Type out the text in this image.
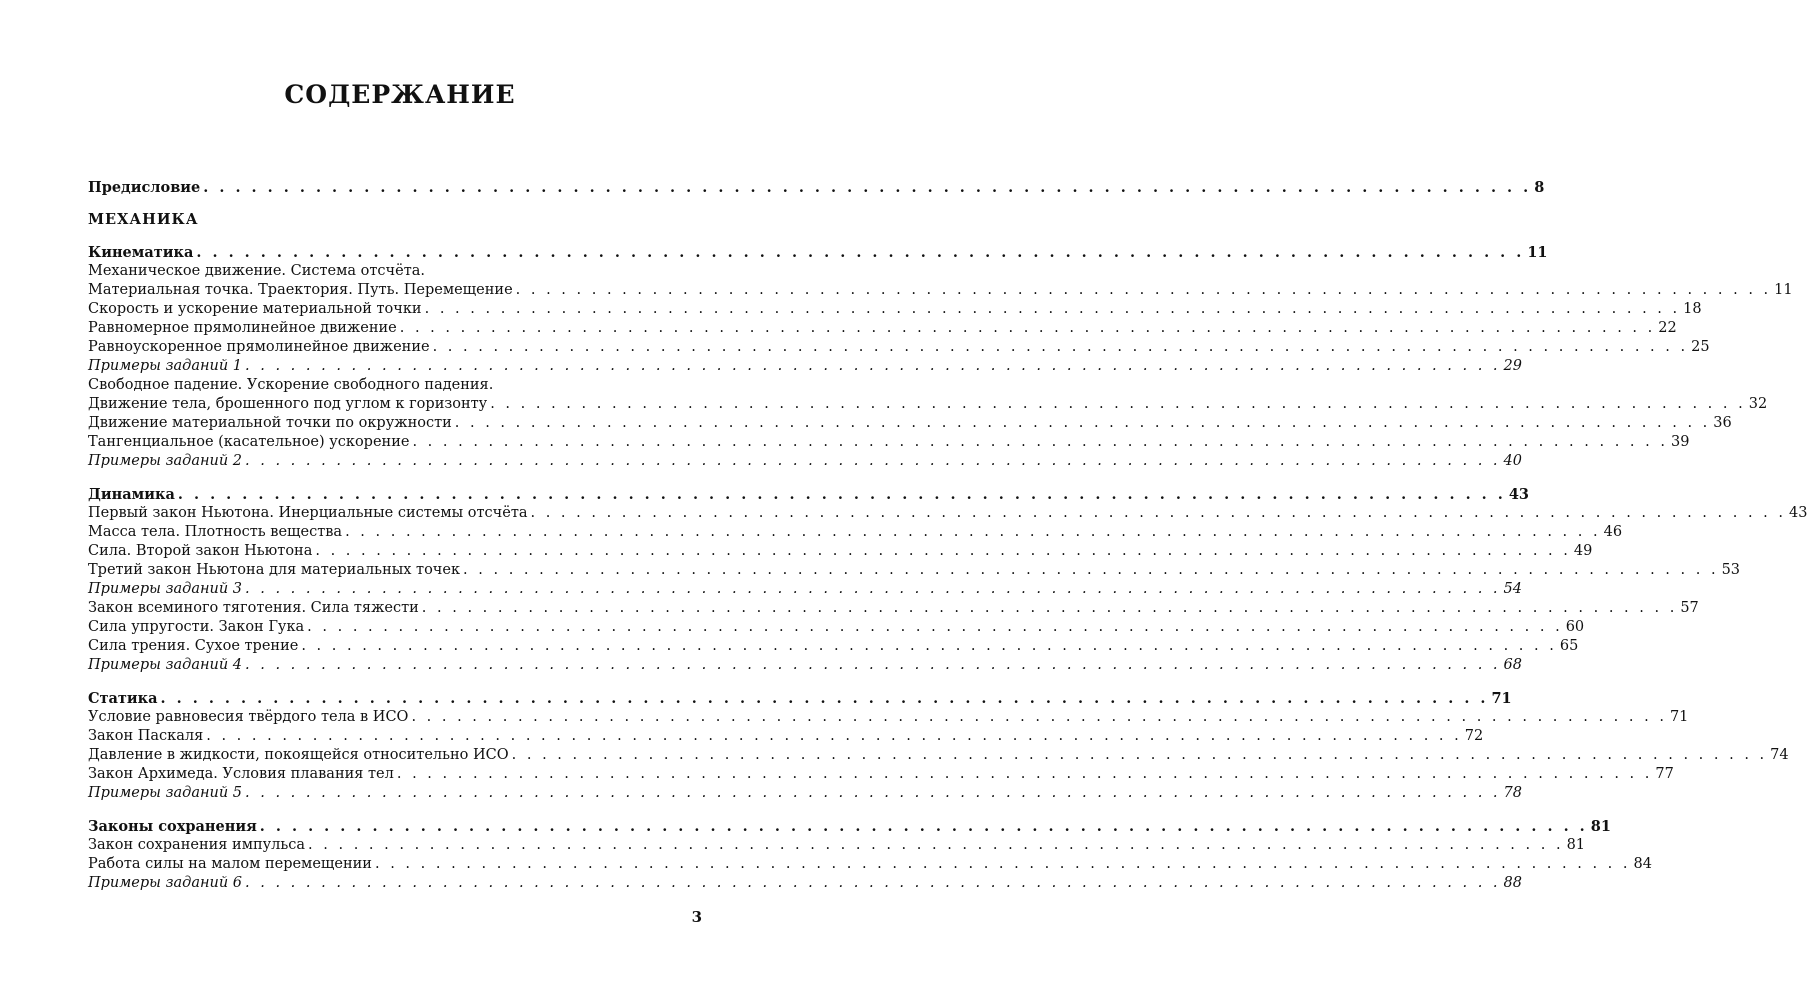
СОДЕРЖАНИЕ
Предисловие . . .	8
МЕХАНИКА
Кинематика . . .	11
Механическое движение. Система отсчёта.
Материальная точка. Траектория. Путь. Перемещение . . .	11
Скорость и ускорение материальной точки . . .	18
Равномерное прямолинейное движение . . .	22
Равноускоренное прямолинейное движение . . .	25
Примеры заданий 1 . . .	29
Свободное падение. Ускорение свободного падения.
Движение тела, брошенного под углом к горизонту . . .	32
Движение материальной точки по окружности . . .	36
Тангенциальное (касательное) ускорение . . .	39
Примеры заданий 2 . . .	40
Динамика . . .	43
Первый закон Ньютона. Инерциальные системы отсчёта . . .	43
Масса тела. Плотность вещества . . .	46
Сила. Второй закон Ньютона . . .	49
Третий закон Ньютона для материальных точек . . .	53
Примеры заданий 3 . . .	54
Закон всеминого тяготения. Сила тяжести . . .	57
Сила упругости. Закон Гука . . .	60
Сила трения. Сухое трение . . .	65
Примеры заданий 4 . . .	68
Статика . . .	71
Условие равновесия твёрдого тела в ИСО . . .	71
Закон Паскаля . . .	72
Давление в жидкости, покоящейся относительно ИСО . . .	74
Закон Архимеда. Условия плавания тел . . .	77
Примеры заданий 5 . . .	78
Законы сохранения . . .	81
Закон сохранения импульса . . .	81
Работа силы на малом перемещении . . .	84
Примеры заданий 6 . . .	88
3
